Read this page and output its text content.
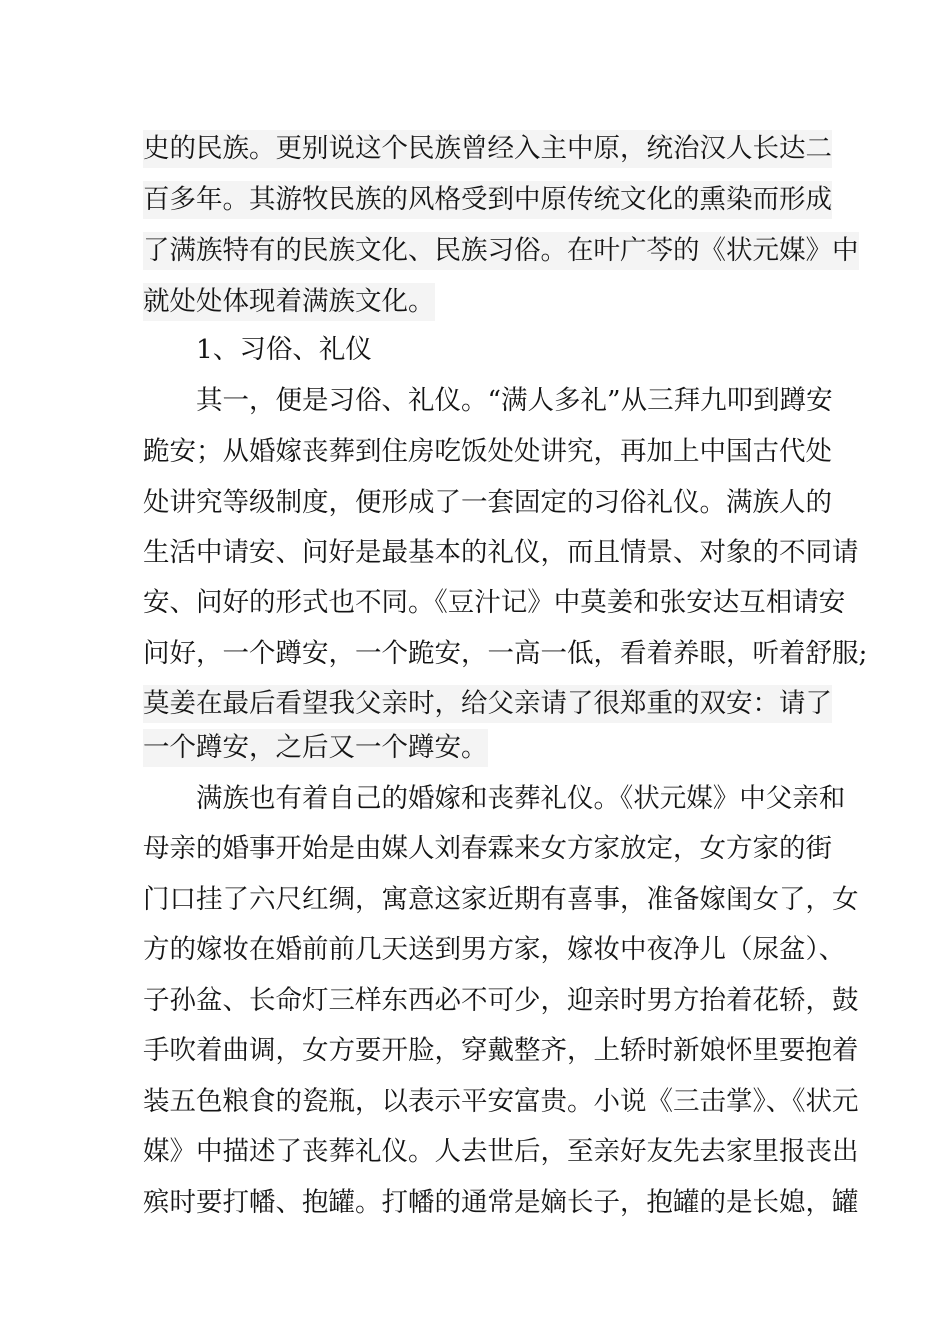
史的民族。更别说这个民族曾经入主中原，统治汉人长达二
百多年。其游牧民族的风格受到中原传统文化的熏染而形成
了满族特有的民族文化、民族习俗。在叶广芩的《状元媒》中
就处处体现着满族文化。
1、习俗、礼仪
其一，便是习俗、礼仪。“满人多礼”从三拜九叩到蹲安
跪安；从婚嫁丧葬到住房吃饭处处讲究，再加上中国古代处
处讲究等级制度，便形成了一套固定的习俗礼仪。满族人的
生活中请安、问好是最基本的礼仪，而且情景、对象的不同请
安、问好的形式也不同。《豆汁记》中莫姜和张安达互相请安
问好，一个蹲安，一个跪安，一高一低，看着养眼，听着舒服;
莫姜在最后看望我父亲时，给父亲请了很郑重的双安：请了
一个蹲安，之后又一个蹲安。
满族也有着自己的婚嫁和丧葬礼仪。《状元媒》中父亲和
母亲的婚事开始是由媒人刘春霖来女方家放定，女方家的街
门口挂了六尺红绸，寓意这家近期有喜事，准备嫁闺女了，女
方的嫁妆在婚前前几天送到男方家，嫁妆中夜净儿（尿盆）、
子孙盆、长命灯三样东西必不可少，迎亲时男方抬着花轿，鼓
手吹着曲调，女方要开脸，穿戴整齐，上轿时新娘怀里要抱着
装五色粮食的瓷瓶，以表示平安富贵。小说《三击掌》、《状元
媒》中描述了丧葬礼仪。人去世后，至亲好友先去家里报丧出
殡时要打幡、抱罐。打幡的通常是嫡长子，抱罐的是长媳，罐
